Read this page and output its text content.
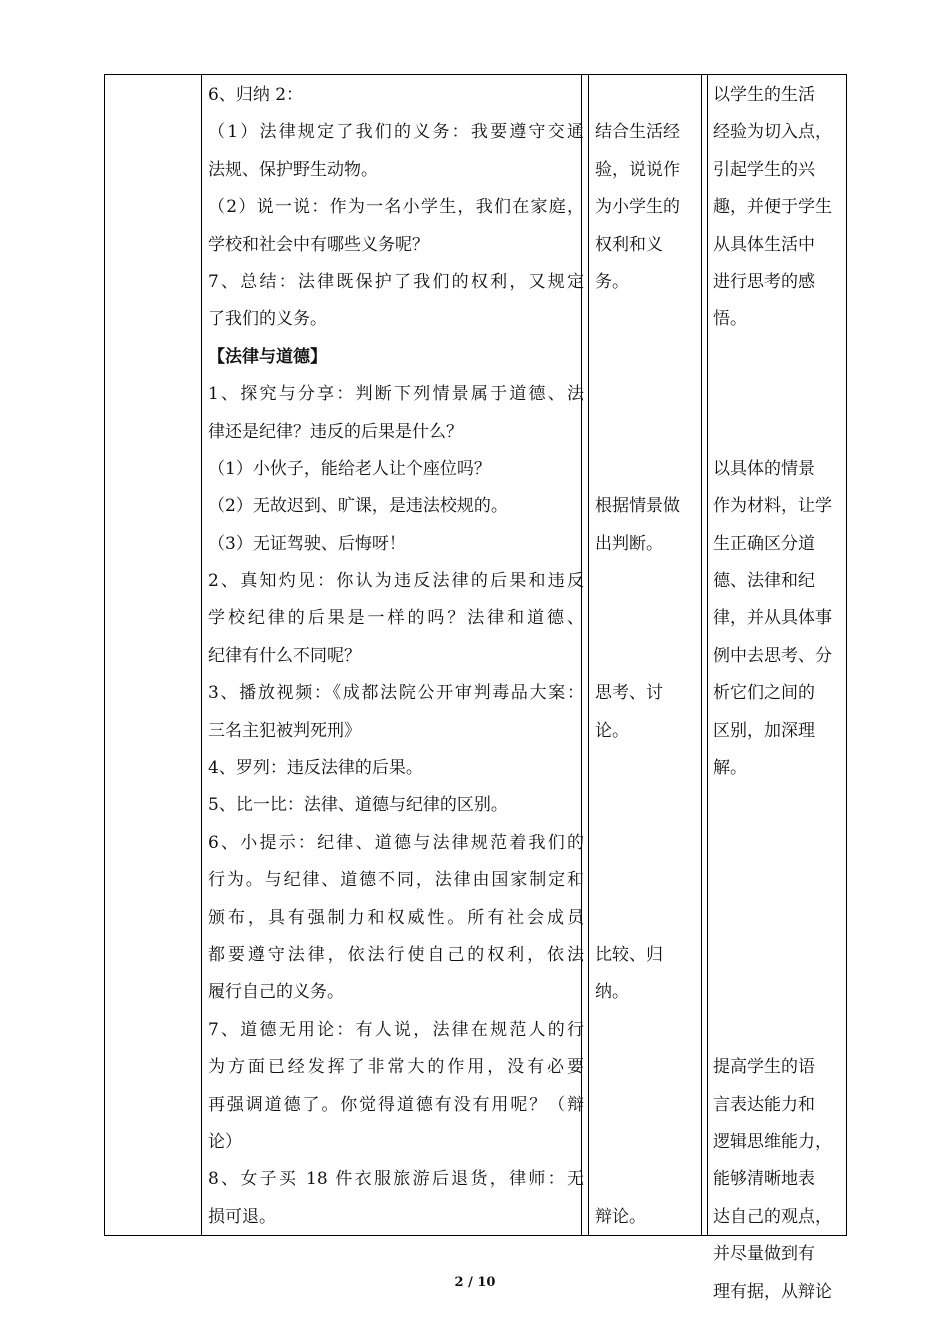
6、归纳 2：
（1）法律规定了我们的义务：我要遵守交通
法规、保护野生动物。
（2）说一说：作为一名小学生，我们在家庭，
学校和社会中有哪些义务呢？
7、总结：法律既保护了我们的权利，又规定
了我们的义务。
【法律与道德】
1、探究与分享：判断下列情景属于道德、法
律还是纪律？违反的后果是什么？
（1）小伙子，能给老人让个座位吗？
（2）无故迟到、旷课，是违法校规的。
（3）无证驾驶、后悔呀！
2、真知灼见：你认为违反法律的后果和违反
学校纪律的后果是一样的吗？法律和道德、
纪律有什么不同呢？
3、播放视频：《成都法院公开审判毒品大案：
三名主犯被判死刑》
4、罗列：违反法律的后果。
5、比一比：法律、道德与纪律的区别。
6、小提示：纪律、道德与法律规范着我们的
行为。与纪律、道德不同，法律由国家制定和
颁布，具有强制力和权威性。所有社会成员
都要遵守法律，依法行使自己的权利，依法
履行自己的义务。
7、道德无用论：有人说，法律在规范人的行
为方面已经发挥了非常大的作用，没有必要
再强调道德了。你觉得道德有没有用呢？（辩
论）
8、女子买 18 件衣服旅游后退货，律师：无
损可退。
结合生活经
验，说说作
为小学生的
权利和义
务。
根据情景做
出判断。
思考、讨
论。
比较、归
纳。
辩论。
以学生的生活
经验为切入点，
引起学生的兴
趣，并便于学生
从具体生活中
进行思考的感
悟。
以具体的情景
作为材料，让学
生正确区分道
德、法律和纪
律，并从具体事
例中去思考、分
析它们之间的
区别，加深理
解。
提高学生的语
言表达能力和
逻辑思维能力，
能够清晰地表
达自己的观点，
并尽量做到有
理有据，从辩论
2 / 10
